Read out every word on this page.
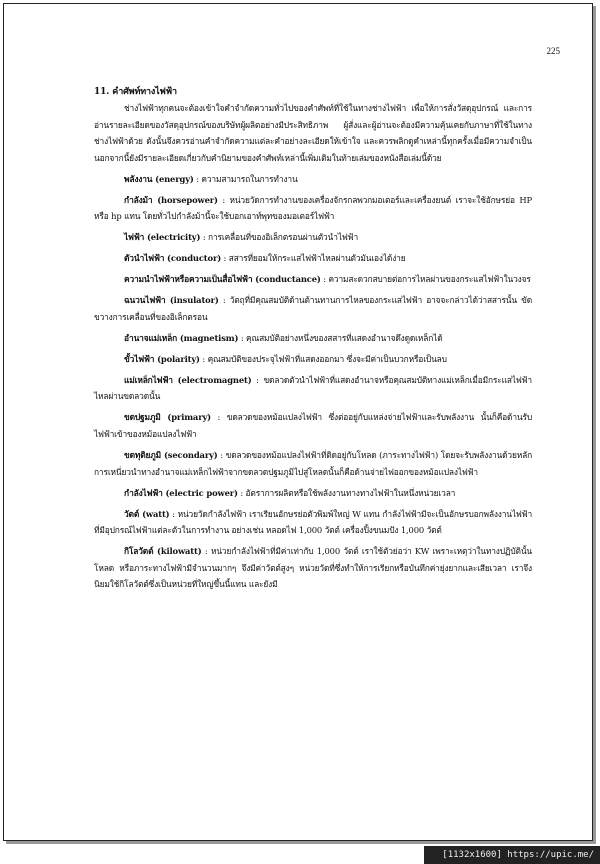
225
11. คำศัพท์ทางไฟฟ้า

ช่างไฟฟ้าทุกคนจะต้องเข้าใจคำจำกัดความทั่วไปของคำศัพท์ที่ใช้ในทางช่างไฟฟ้า เพื่อให้การสั่งวัสดุอุปกรณ์ และการอ่านรายละเอียดของวัสดุอุปกรณ์ของบริษัทผู้ผลิตอย่างมีประสิทธิภาพ ผู้สั่งและผู้อ่านจะต้องมีความคุ้นเคยกับภาษาที่ใช้ในทางช่างไฟฟ้าด้วย ดังนั้นจึงควรอ่านคำจำกัดความแต่ละคำอย่างละเอียดให้เข้าใจ และควรพลิกดูคำเหล่านี้ทุกครั้งเมื่อมีความจำเป็น นอกจากนี้ยังมีรายละเอียดเกี่ยวกับคำนิยามของคำศัพท์เหล่านี้เพิ่มเติมในท้ายเล่มของหนังสือเล่มนี้ด้วย

พลังงาน (energy) : ความสามารถในการทำงาน

กำลังม้า (horsepower) : หน่วยวัดการทำงานของเครื่องจักรกลพวกมอเตอร์และเครื่องยนต์ เราจะใช้อักษรย่อ HP หรือ hp แทน โดยทั่วไปกำลังม้านี้จะใช้บอกเอาท์พุทของมอเตอร์ไฟฟ้า

ไฟฟ้า (electricity) : การเคลื่อนที่ของอิเล็กตรอนผ่านตัวนำไฟฟ้า

ตัวนำไฟฟ้า (conductor) : สสารที่ยอมให้กระแสไฟฟ้าไหลผ่านตัวมันเองได้ง่าย

ความนำไฟฟ้าหรือความเป็นสื่อไฟฟ้า (conductance) : ความสะดวกสบายต่อการไหลผ่านของกระแสไฟฟ้าในวงจร

ฉนวนไฟฟ้า (insulator) : วัตถุที่มีคุณสมบัติด้านต้านทานการไหลของกระแสไฟฟ้า อาจจะกล่าวได้ว่าสสารนั้น ขัดขวางการเคลื่อนที่ของอิเล็กตรอน

อำนาจแม่เหล็ก (magnetism) : คุณสมบัติอย่างหนึ่งของสสารที่แสดงอำนาจดึงดูดเหล็กได้

ขั้วไฟฟ้า (polarity) : คุณสมบัติของประจุไฟฟ้าที่แสดงออกมา ซึ่งจะมีค่าเป็นบวกหรือเป็นลบ

แม่เหล็กไฟฟ้า (electromagnet) : ขดลวดตัวนำไฟฟ้าที่แสดงอำนาจหรือคุณสมบัติทางแม่เหล็กเมื่อมีกระแสไฟฟ้า ไหลผ่านขดลวดนั้น

ขดปฐมภูมิ (primary) : ขดลวดของหม้อแปลงไฟฟ้า ซึ่งต่ออยู่กับแหล่งจ่ายไฟฟ้าและรับพลังงาน นั้นก็คือด้านรับไฟฟ้าเข้าของหม้อแปลงไฟฟ้า

ขดทุติยภูมิ (secondary) : ขดลวดของหม้อแปลงไฟฟ้าที่ติดอยู่กับโหลด (ภาระทางไฟฟ้า) โดยจะรับพลังงานด้วยหลักการเหนี่ยวนำทางอำนาจแม่เหล็กไฟฟ้าจากขดลวดปฐมภูมิไปสู่โหลดนั้นก็คือด้านจ่ายไฟออกของหม้อแปลงไฟฟ้า

กำลังไฟฟ้า (electric power) : อัตราการผลิตหรือใช้พลังงานทางทางไฟฟ้าในหนึ่งหน่วยเวลา

วัตต์ (watt) : หน่วยวัดกำลังไฟฟ้า เราเรียนอักษรย่อตัวพิมพ์ใหญ่ W แทน กำลังไฟฟ้ามีจะเป็นอักษรบอกพลังงานไฟฟ้าที่มีอุปกรณ์ไฟฟ้าแต่ละตัวในการทำงาน อย่างเช่น หลอดไฟ 1,000 วัตต์ เครื่องปิ้งขนมปัง 1,000 วัตต์

กิโลวัตต์ (kilowatt) : หน่วยกำลังไฟฟ้าที่มีค่าเท่ากับ 1,000 วัตต์ เราใช้ตัวย่อว่า KW เพราะเหตุว่าในทางปฏิบัตินั้นโหลด หรือภาระทางไฟฟ้ามีจำนวนมากๆ จึงมีค่าวัตต์สูงๆ หน่วยวัดที่ซึ่งทำให้การเรียกหรือบันทึกค่ายุ่งยากและเสียเวลา เราจึงนิยมใช้กิโลวัตต์ซึ่งเป็นหน่วยที่ใหญ่ขึ้นนี้แทน และยังมี

[1132x1600] https://upic.me/
